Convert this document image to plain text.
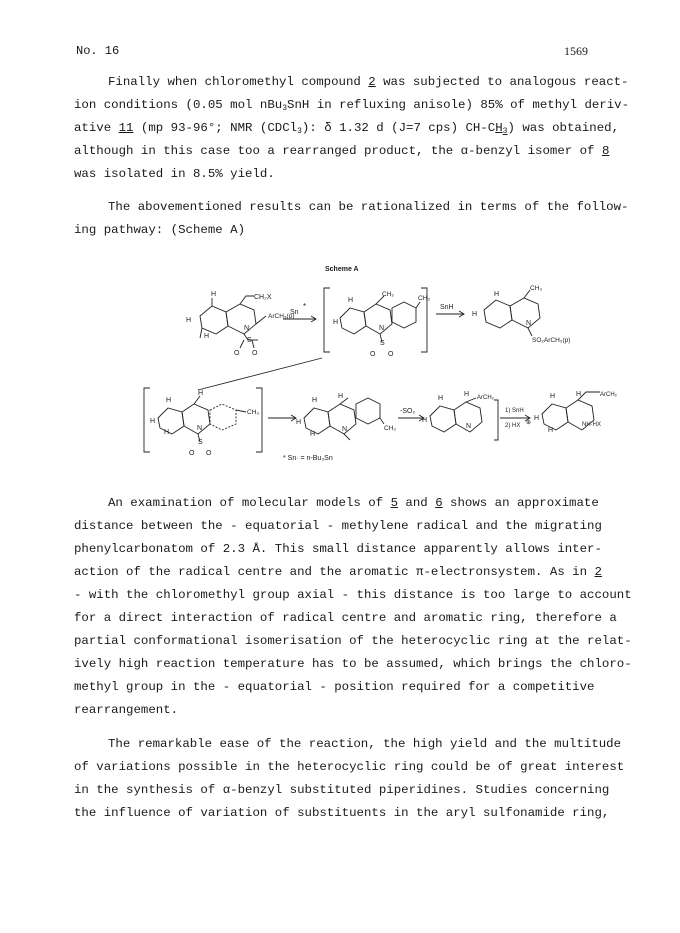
No. 16	1569
Finally when chloromethyl compound 2 was subjected to analogous react-
ion conditions (0.05 mol nBu$_3$SnH in refluxing anisole) 85% of methyl deriv-
ative 11 (mp 93-96°; NMR (CDCl$_3$): δ 1.32 d (J=7 cps) $CH-CH_3$) was obtained,
although in this case too a rearranged product, the α-benzyl isomer of 8
was isolated in 8.5% yield.
The abovementioned results can be rationalized in terms of the follow-
ing pathway: (Scheme A)
Scheme A
H	CH₂X
H
H
N
S
ArCH₃(p)
O O
Sn
*
H
CH₂
CH₃
H
N
S
O O
SnH
H
CH₃
H
N
SO₂ArCH₃(p)
H
H
CH₃
H
H
N
S
O O
H
H
H
H
N	CH₃
-SO₂
H
H ArCH₂
H
N
1) SnH
2) HX ⊕
H	H	ArCH₂
H
H
NH·HX
* Sn· = n-Bu₃Sn
An examination of molecular models of 5 and 6 shows an approximate
distance between the - equatorial - methylene radical and the migrating
phenylcarbonatom of 2.3 Å. This small distance apparently allows inter-
action of the radical centre and the aromatic π-electronsystem. As in 2
- with the chloromethyl group axial - this distance is too large to account
for a direct interaction of radical centre and aromatic ring, therefore a
partial conformational isomerisation of the heterocyclic ring at the relat-
ively high reaction temperature has to be assumed, which brings the chloro-
methyl group in the - equatorial - position required for a competitive
rearrangement.
The remarkable ease of the reaction, the high yield and the multitude
of variations possible in the heterocyclic ring could be of great interest
in the synthesis of α-benzyl substituted piperidines. Studies concerning
the influence of variation of substituents in the aryl sulfonamide ring,
